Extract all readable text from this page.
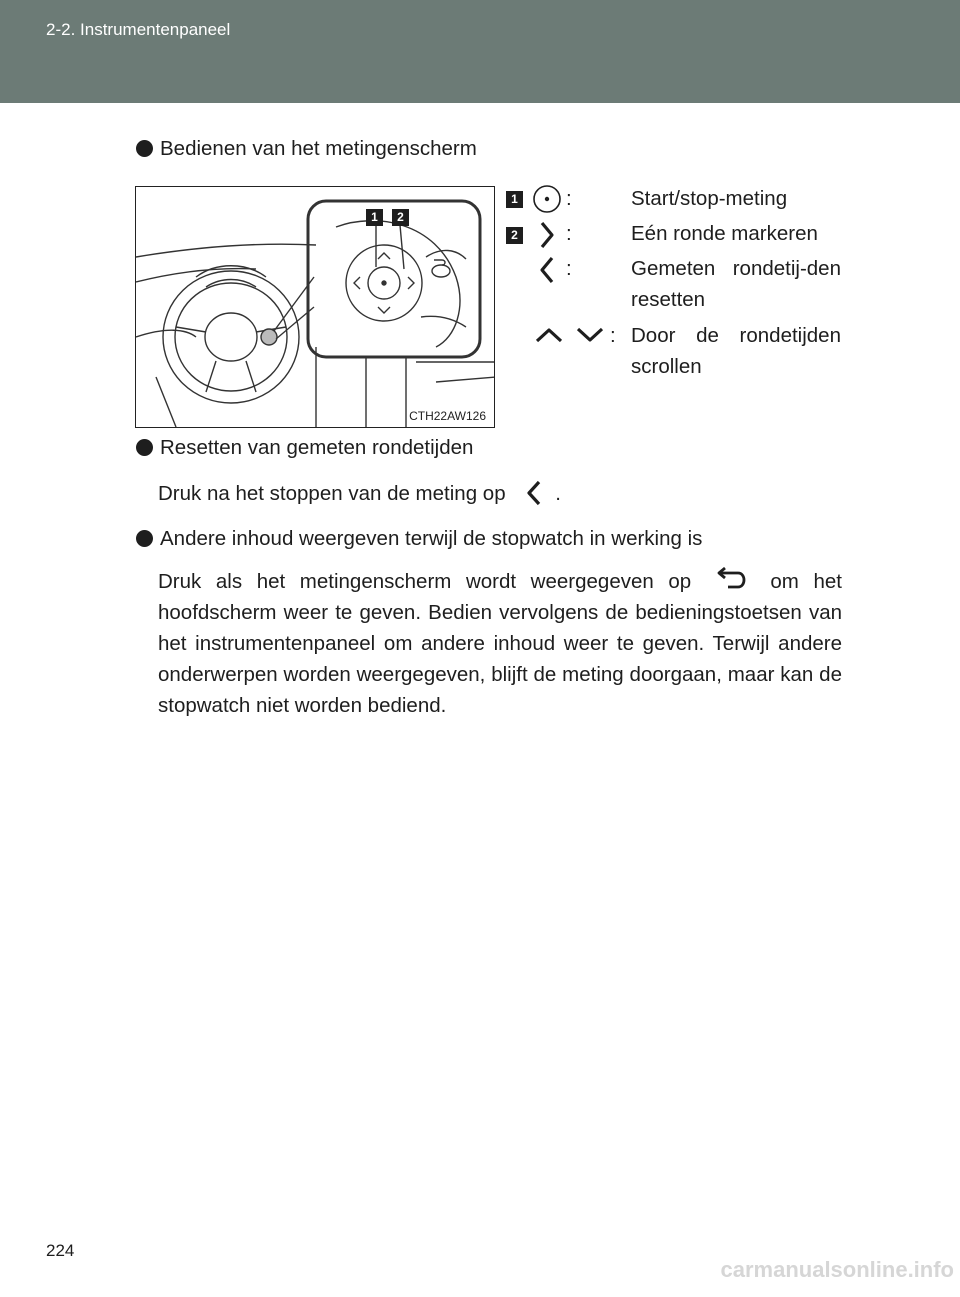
2-2. Instrumentenpaneel
Bedienen van het metingenscherm
1	2
CTH22AW126
1 :	Start/stop-meting
2 :	Eén ronde markeren
:	Gemeten rondetij-den resetten
: Door de rondetijden scrollen
Resetten van gemeten rondetijden
Druk na het stoppen van de meting op .
Andere inhoud weergeven terwijl de stopwatch in werking is
Druk als het metingenscherm wordt weergegeven op	om het hoofdscherm weer te geven. Bedien vervolgens de bedieningstoetsen van het instrumentenpaneel om andere inhoud weer te geven. Terwijl andere onderwerpen worden weergegeven, blijft de meting doorgaan, maar kan de stopwatch niet worden bediend.
224
carmanualsonline.info
